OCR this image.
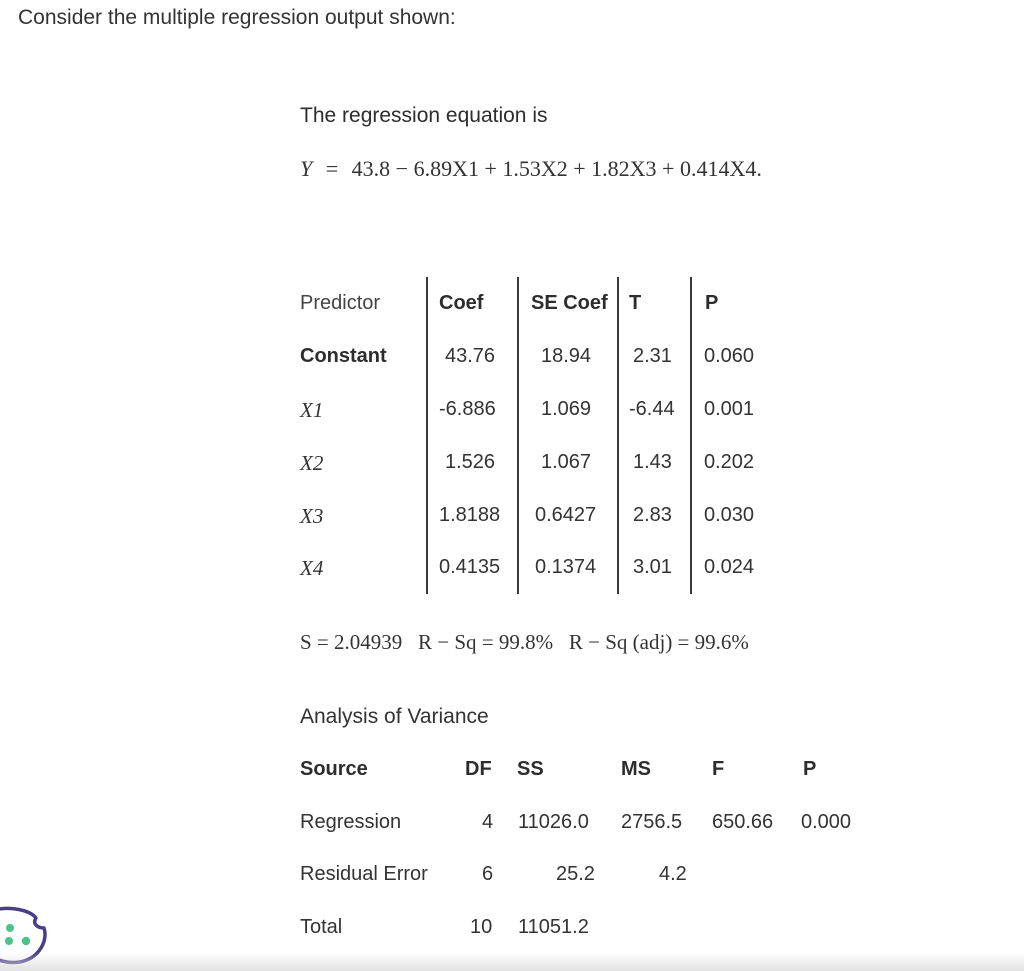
Consider the multiple regression output shown:
The regression equation is
Y = 43.8 − 6.89X1 + 1.53X2 + 1.82X3 + 0.414X4.
Predictor	Coef SE Coef T	P
Constant	43.76 18.94 2.31 0.060
X1	-6.886 1.069 -6.44 0.001
X2	1.526 1.067 1.43 0.202
X3	1.8188 0.6427 2.83 0.030
X4	0.4135 0.1374 3.01 0.024
S = 2.04939   R − Sq = 99.8%   R − Sq (adj) = 99.6%
Analysis of Variance
Source	DF SS	MS	F	P
Regression	4 11026.0 2756.5 650.66 0.000
Residual Error	6	25.2	4.2
Total	10 11051.2
